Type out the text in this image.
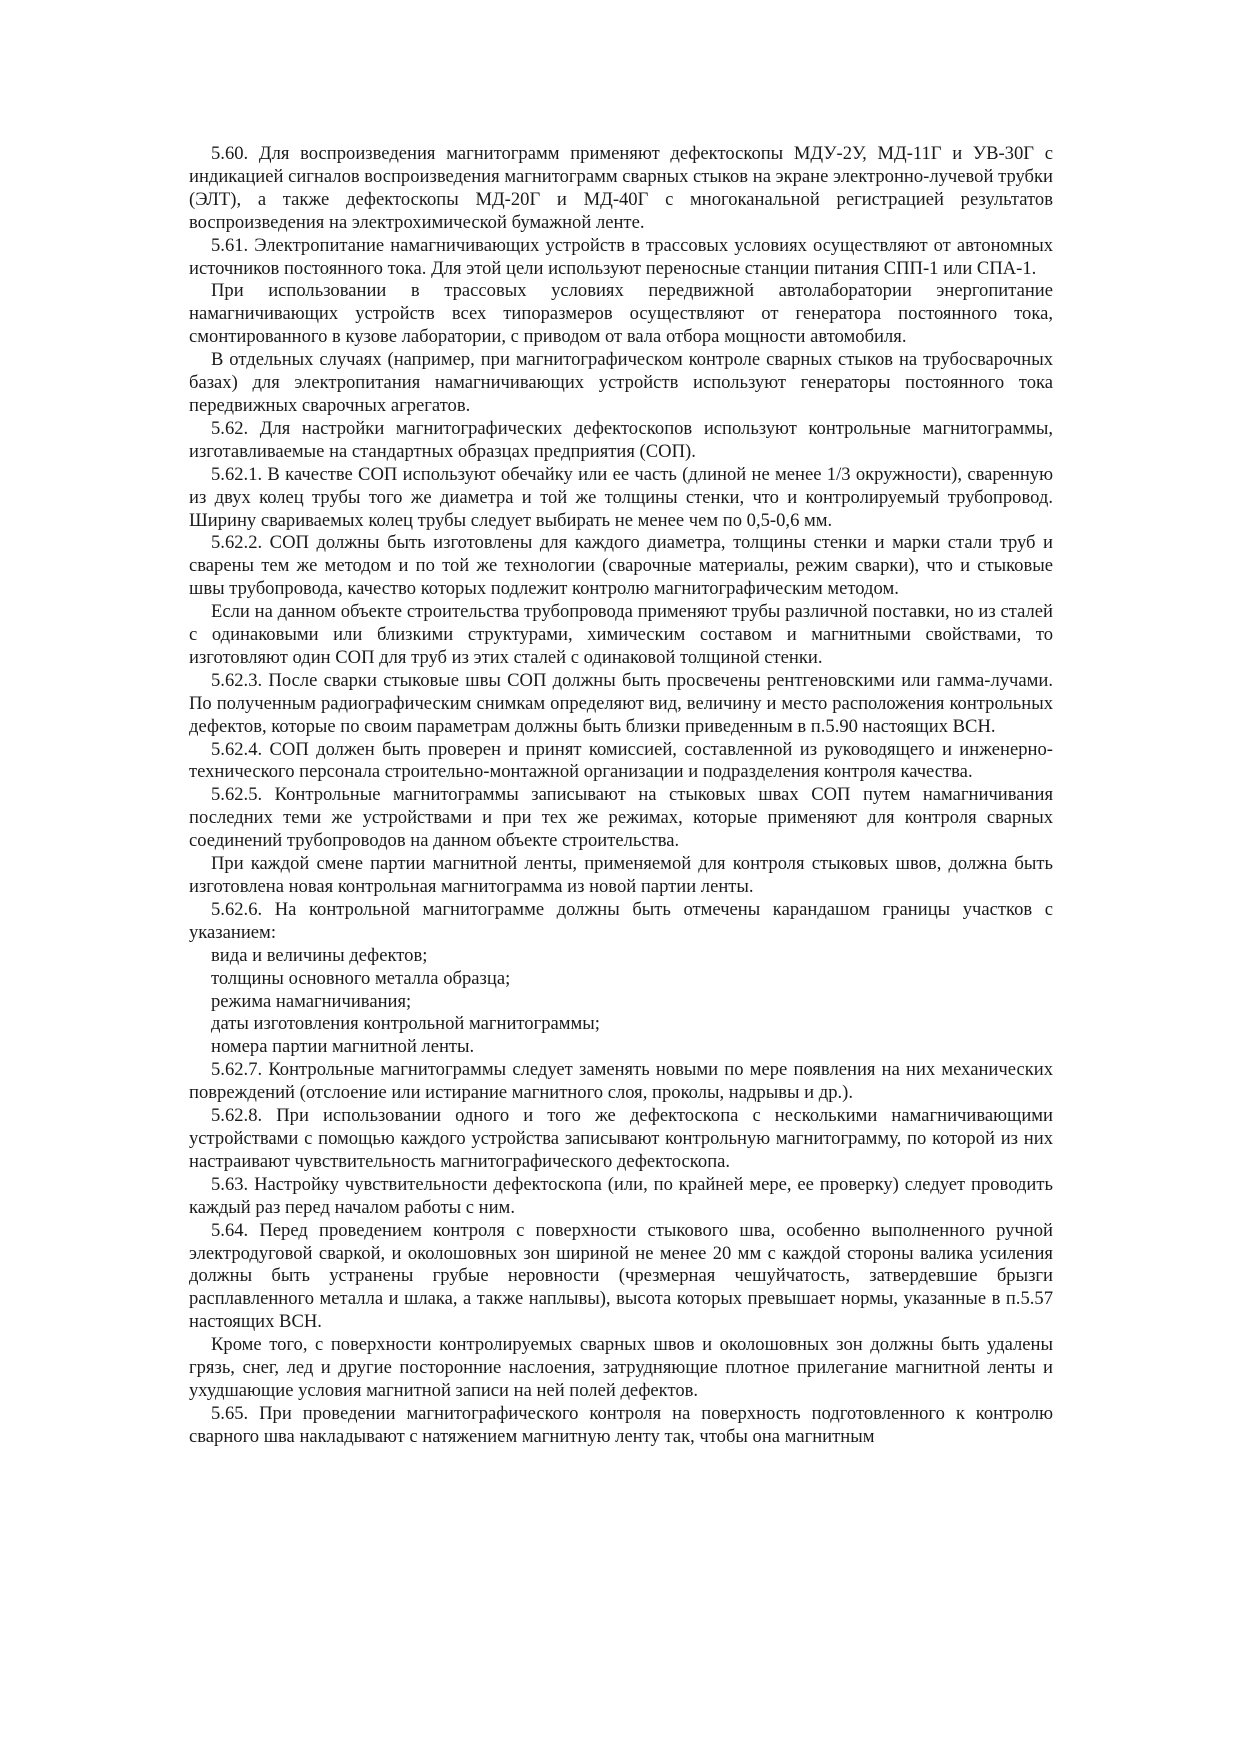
5.60. Для воспроизведения магнитограмм применяют дефектоскопы МДУ-2У, МД-11Г и УВ-30Г с индикацией сигналов воспроизведения магнитограмм сварных стыков на экране электронно-лучевой трубки (ЭЛТ), а также дефектоскопы МД-20Г и МД-40Г с многоканальной регистрацией результатов воспроизведения на электрохимической бумажной ленте.

5.61. Электропитание намагничивающих устройств в трассовых условиях осуществляют от автономных источников постоянного тока. Для этой цели используют переносные станции питания СПП-1 или СПА-1.

При использовании в трассовых условиях передвижной автолаборатории энергопитание намагничивающих устройств всех типоразмеров осуществляют от генератора постоянного тока, смонтированного в кузове лаборатории, с приводом от вала отбора мощности автомобиля.

В отдельных случаях (например, при магнитографическом контроле сварных стыков на трубосварочных базах) для электропитания намагничивающих устройств используют генераторы постоянного тока передвижных сварочных агрегатов.

5.62. Для настройки магнитографических дефектоскопов используют контрольные магнитограммы, изготавливаемые на стандартных образцах предприятия (СОП).

5.62.1. В качестве СОП используют обечайку или ее часть (длиной не менее 1/3 окружности), сваренную из двух колец трубы того же диаметра и той же толщины стенки, что и контролируемый трубопровод. Ширину свариваемых колец трубы следует выбирать не менее чем по 0,5-0,6 мм.

5.62.2. СОП должны быть изготовлены для каждого диаметра, толщины стенки и марки стали труб и сварены тем же методом и по той же технологии (сварочные материалы, режим сварки), что и стыковые швы трубопровода, качество которых подлежит контролю магнитографическим методом.

Если на данном объекте строительства трубопровода применяют трубы различной поставки, но из сталей с одинаковыми или близкими структурами, химическим составом и магнитными свойствами, то изготовляют один СОП для труб из этих сталей с одинаковой толщиной стенки.

5.62.3. После сварки стыковые швы СОП должны быть просвечены рентгеновскими или гамма-лучами. По полученным радиографическим снимкам определяют вид, величину и место расположения контрольных дефектов, которые по своим параметрам должны быть близки приведенным в п.5.90 настоящих ВСН.

5.62.4. СОП должен быть проверен и принят комиссией, составленной из руководящего и инженерно-технического персонала строительно-монтажной организации и подразделения контроля качества.

5.62.5. Контрольные магнитограммы записывают на стыковых швах СОП путем намагничивания последних теми же устройствами и при тех же режимах, которые применяют для контроля сварных соединений трубопроводов на данном объекте строительства.

При каждой смене партии магнитной ленты, применяемой для контроля стыковых швов, должна быть изготовлена новая контрольная магнитограмма из новой партии ленты.

5.62.6. На контрольной магнитограмме должны быть отмечены карандашом границы участков с указанием:

вида и величины дефектов;

толщины основного металла образца;

режима намагничивания;

даты изготовления контрольной магнитограммы;

номера партии магнитной ленты.

5.62.7. Контрольные магнитограммы следует заменять новыми по мере появления на них механических повреждений (отслоение или истирание магнитного слоя, проколы, надрывы и др.).

5.62.8. При использовании одного и того же дефектоскопа с несколькими намагничивающими устройствами с помощью каждого устройства записывают контрольную магнитограмму, по которой из них настраивают чувствительность магнитографического дефектоскопа.

5.63. Настройку чувствительности дефектоскопа (или, по крайней мере, ее проверку) следует проводить каждый раз перед началом работы с ним.

5.64. Перед проведением контроля с поверхности стыкового шва, особенно выполненного ручной электродуговой сваркой, и околошовных зон шириной не менее 20 мм с каждой стороны валика усиления должны быть устранены грубые неровности (чрезмерная чешуйчатость, затвердевшие брызги расплавленного металла и шлака, а также наплывы), высота которых превышает нормы, указанные в п.5.57 настоящих ВСН.

Кроме того, с поверхности контролируемых сварных швов и околошовных зон должны быть удалены грязь, снег, лед и другие посторонние наслоения, затрудняющие плотное прилегание магнитной ленты и ухудшающие условия магнитной записи на ней полей дефектов.

5.65. При проведении магнитографического контроля на поверхность подготовленного к контролю сварного шва накладывают с натяжением магнитную ленту так, чтобы она магнитным
